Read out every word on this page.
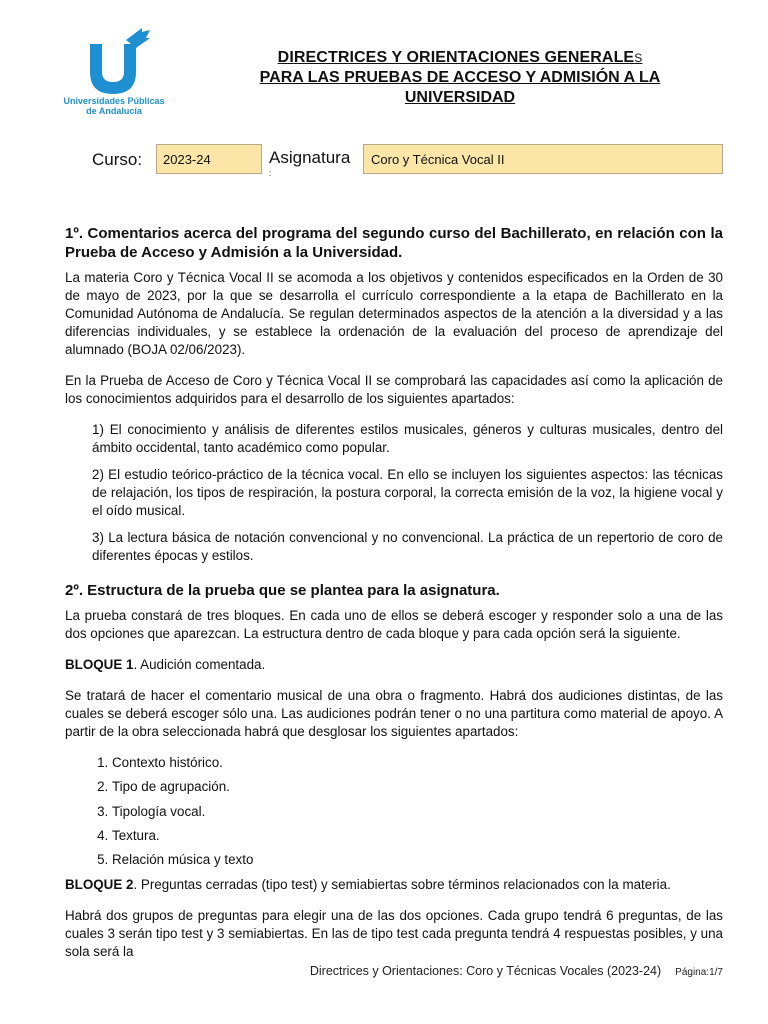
Universidades Públicas
de Andalucía
DIRECTRICES Y ORIENTACIONES GENERALES
PARA LAS PRUEBAS DE ACCESO Y ADMISIÓN A LA
UNIVERSIDAD
Curso:	2023-24	Asignatura
:
Coro y Técnica Vocal II
1º. Comentarios acerca del programa del segundo curso del Bachillerato, en relación con la Prueba de Acceso y Admisión a la Universidad.

La materia Coro y Técnica Vocal II se acomoda a los objetivos y contenidos especificados en la Orden de 30 de mayo de 2023, por la que se desarrolla el currículo correspondiente a la etapa de Bachillerato en la Comunidad Autónoma de Andalucía. Se regulan determinados aspectos de la atención a la diversidad y a las diferencias individuales, y se establece la ordenación de la evaluación del proceso de aprendizaje del alumnado (BOJA 02/06/2023).

En la Prueba de Acceso de Coro y Técnica Vocal II se comprobará las capacidades así como la aplicación de los conocimientos adquiridos para el desarrollo de los siguientes apartados:

1) El conocimiento y análisis de diferentes estilos musicales, géneros y culturas musicales, dentro del ámbito occidental, tanto académico como popular.

2) El estudio teórico-práctico de la técnica vocal. En ello se incluyen los siguientes aspectos: las técnicas de relajación, los tipos de respiración, la postura corporal, la correcta emisión de la voz, la higiene vocal y el oído musical.

3) La lectura básica de notación convencional y no convencional. La práctica de un repertorio de coro de diferentes épocas y estilos.

2º. Estructura de la prueba que se plantea para la asignatura.

La prueba constará de tres bloques. En cada uno de ellos se deberá escoger y responder solo a una de las dos opciones que aparezcan. La estructura dentro de cada bloque y para cada opción será la siguiente.

BLOQUE 1. Audición comentada.

Se tratará de hacer el comentario musical de una obra o fragmento. Habrá dos audiciones distintas, de las cuales se deberá escoger sólo una. Las audiciones podrán tener o no una partitura como material de apoyo. A partir de la obra seleccionada habrá que desglosar los siguientes apartados:

1. Contexto histórico.
2. Tipo de agrupación.
3. Tipología vocal.
4. Textura.
5. Relación música y texto

BLOQUE 2. Preguntas cerradas (tipo test) y semiabiertas sobre términos relacionados con la materia.

Habrá dos grupos de preguntas para elegir una de las dos opciones. Cada grupo tendrá 6 preguntas, de las cuales 3 serán tipo test y 3 semiabiertas. En las de tipo test cada pregunta tendrá 4 respuestas posibles, y una sola será la

Directrices y Orientaciones: Coro y Técnicas Vocales (2023-24) Página:1/7
